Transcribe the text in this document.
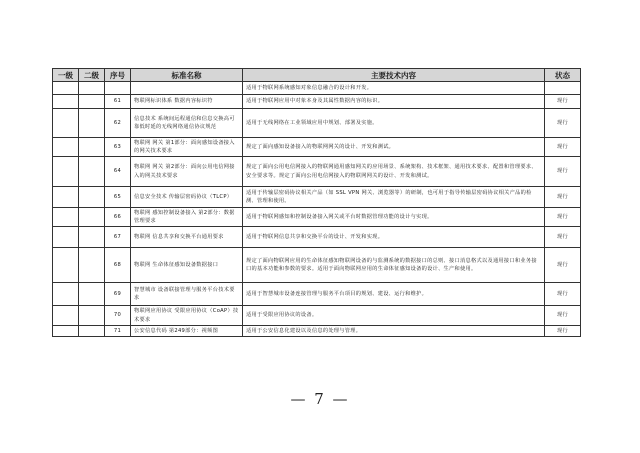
一级	二级	序号	标准名称	主要技术内容	状态
				适用于物联网系统感知对象信息融合的设计和开发。	
		61	物联网标识体系 数据内容标识符	适用于物联网应用中对象本身及其属性数据内容的标识。	现行
		62	信息技术 系统间远程通信和信息交换高可靠低时延的无线网络通信协议规范	适用于无线网络在工业领域应用中规划、部署及实施。	现行
		63	物联网 网关 第1部分：面向感知设备接入的网关技术要求	规定了面向感知设备接入的物联网网关的设计、开发和测试。	现行
		64	物联网 网关 第2部分：面向公用电信网接入的网关技术要求	规定了面向公用电信网接入的物联网通用感知网关的应用场景、系统架构、技术框架、通用技术要求、配置和管理要求、安全要求等。规定了面向公用电信网接入的物联网网关的设计、开发和测试。	现行
		65	信息安全技术 传输层密码协议（TLCP）	适用于传输层密码协议相关产品（如 SSL VPN 网关、浏览器等）的研制，也可用于指导传输层密码协议相关产品的检测、管理和使用。	现行
		66	物联网 感知控制设备接入 第2部分：数据管理要求	适用于物联网感知和控制设备接入网关或平台时数据管理功能的设计与实现。	现行
		67	物联网 信息共享和交换平台通用要求	适用于物联网信息共享和交换平台的设计、开发和实现。	现行
		68	物联网 生命体征感知设备数据接口	规定了面向物联网应用的生命体征感知物联网设备的与监测系统的数据接口的总则、接口消息格式以及通用接口和业务接口的基本功能和参数的要求。适用于面向物联网应用的生命体征感知设备的设计、生产和使用。	现行
		69	智慧城市 设备联接管理与服务平台技术要求	适用于智慧城市设备连接管理与服务平台项目的规划、建设、运行和维护。	现行
		70	物联网应用协议 受限应用协议（CoAP）技术要求	适用于受限应用协议的设备。	现行
		71	公安信息代码 第249部分：视频图	适用于公安信息化建设以及信息的处理与管理。	现行
— 7 —
